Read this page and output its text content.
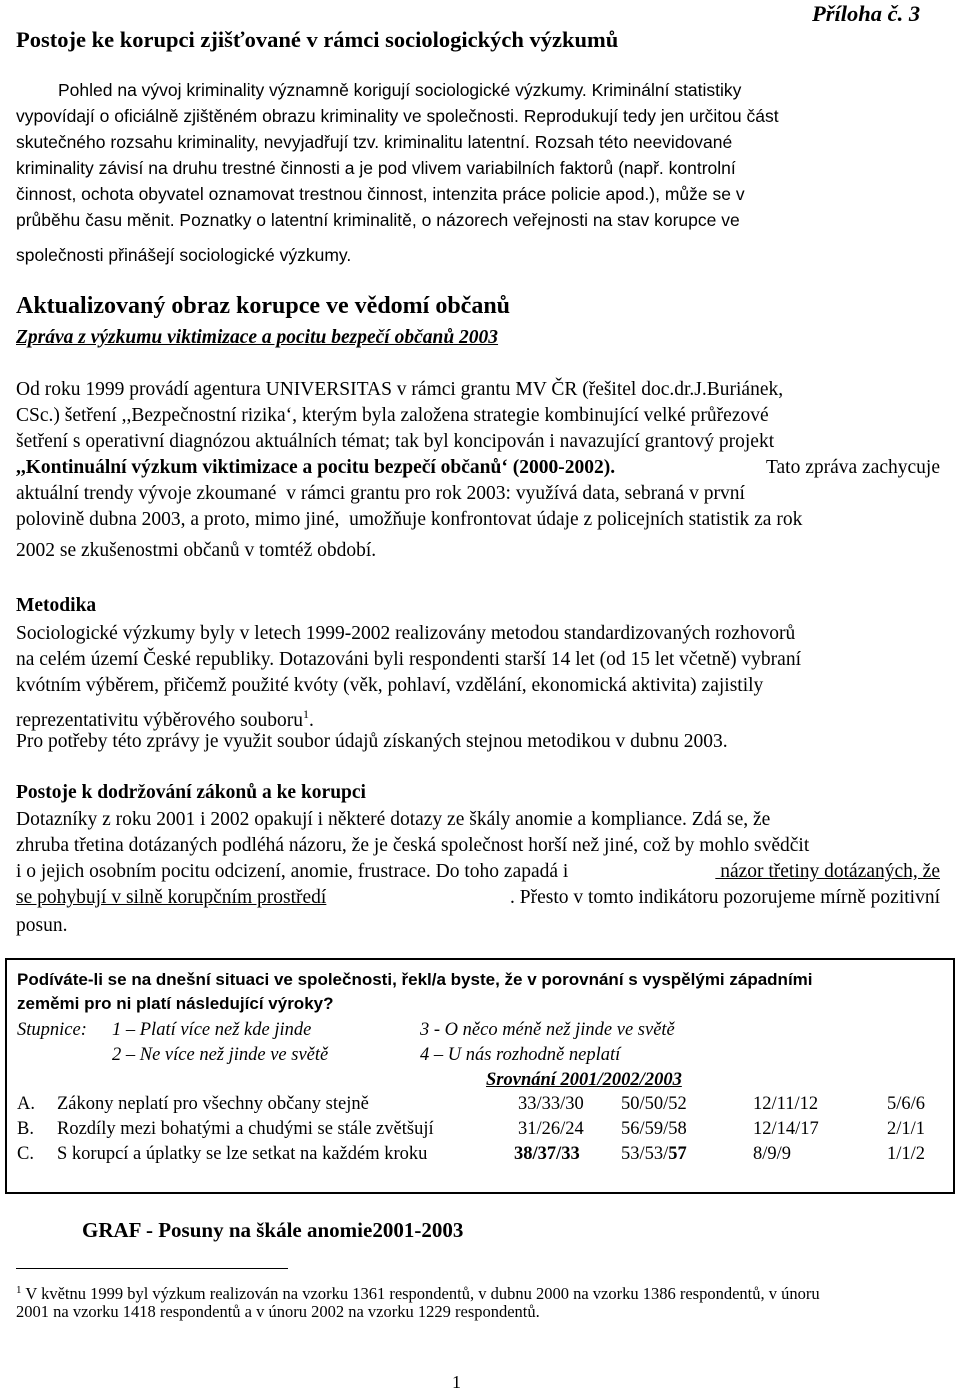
Postoje ke korupci zjišťované v rámci sociologických výzkumů
Příloha č. 3
Pohled na vývoj kriminality významně korigují sociologické výzkumy. Kriminální statistiky
vypovídají o oficiálně zjištěném obrazu kriminality ve společnosti. Reprodukují tedy jen určitou část
skutečného rozsahu kriminality, nevyjadřují tzv. kriminalitu latentní. Rozsah této neevidované
kriminality závisí na druhu trestné činnosti a je pod vlivem variabilních faktorů (např. kontrolní
činnost, ochota obyvatel oznamovat trestnou činnost, intenzita práce policie apod.), může se v
průběhu času měnit. Poznatky o latentní kriminalitě, o názorech veřejnosti na stav korupce ve
společnosti přinášejí sociologické výzkumy.
Aktualizovaný obraz korupce ve vědomí občanů
Zpráva z výzkumu viktimizace a pocitu bezpečí občanů 2003
Od roku 1999 provádí agentura UNIVERSITAS v rámci grantu MV ČR (řešitel doc.dr.J.Buriánek,
CSc.) šetření ,,Bezpečnostní rizika‘, kterým byla založena strategie kombinující velké průřezové
šetření s operativní diagnózou aktuálních témat; tak byl koncipován i navazující grantový projekt
,,Kontinuální výzkum viktimizace a pocitu bezpečí občanů‘ (2000-2002).	Tato zpráva zachycuje
aktuální trendy vývoje zkoumané  v rámci grantu pro rok 2003: využívá data, sebraná v první
polovině dubna 2003, a proto, mimo jiné,  umožňuje konfrontovat údaje z policejních statistik za rok
2002 se zkušenostmi občanů v tomtéž období.
Metodika
Sociologické výzkumy byly v letech 1999-2002 realizovány metodou standardizovaných rozhovorů
na celém území České republiky. Dotazováni byli respondenti starší 14 let (od 15 let včetně) vybraní
kvótním výběrem, přičemž použité kvóty (věk, pohlaví, vzdělání, ekonomická aktivita) zajistily
reprezentativitu výběrového souboru$^1$.
Pro potřeby této zprávy je využit soubor údajů získaných stejnou metodikou v dubnu 2003.
Postoje k dodržování zákonů a ke korupci
Dotazníky z roku 2001 i 2002 opakují i některé dotazy ze škály anomie a kompliance. Zdá se, že
zhruba třetina dotázaných podléhá názoru, že je česká společnost horší než jiné, což by mohlo svědčit
i o jejich osobním pocitu odcizení, anomie, frustrace. Do toho zapadá i	názor třetiny dotázaných, že
se pohybují v silně korupčním prostředí	. Přesto v tomto indikátoru pozorujeme mírně pozitivní
posun.
Podíváte-li se na dnešní situaci ve společnosti, řekl/a byste, že v porovnání s vyspělými západními
zeměmi pro ni platí následující výroky?
Stupnice: 1 – Platí více než kde jinde	3 - O něco méně než jinde ve světě
2 – Ne více než jinde ve světě	4 – U nás rozhodně neplatí
Srovnání 2001/2002/2003
A. Zákony neplatí pro všechny občany stejně	33/33/30 50/50/52	12/11/12	5/6/6
B. Rozdíly mezi bohatými a chudými se stále zvětšují	31/26/24 56/59/58	12/14/17	2/1/1
C. S korupcí a úplatky se lze setkat na každém kroku	38/37/33 53/53/57	8/9/9	1/1/2
GRAF - Posuny na škále anomie2001-2003
$^1$ V květnu 1999 byl výzkum realizován na vzorku 1361 respondentů, v dubnu 2000 na vzorku 1386 respondentů, v únoru
2001 na vzorku 1418 respondentů a v únoru 2002 na vzorku 1229 respondentů.
1
